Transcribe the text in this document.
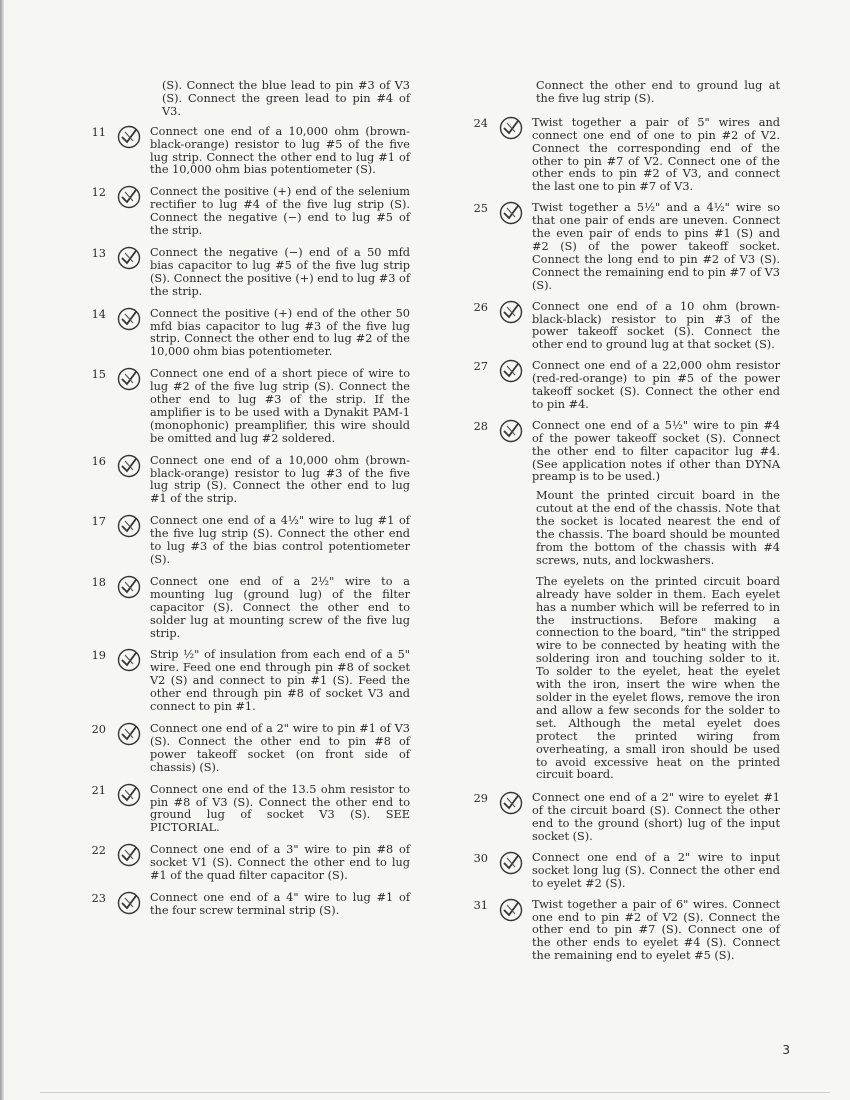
(S). Connect the blue lead to pin #3 of V3 (S). Connect the green lead to pin #4 of V3.
11	Connect one end of a 10,000 ohm (brown-black-orange) resistor to lug #5 of the five lug strip. Connect the other end to lug #1 of the 10,000 ohm bias potentiometer (S).
12	Connect the positive (+) end of the selenium rectifier to lug #4 of the five lug strip (S). Connect the negative (−) end to lug #5 of the strip.
13	Connect the negative (−) end of a 50 mfd bias capacitor to lug #5 of the five lug strip (S). Connect the positive (+) end to lug #3 of the strip.
14	Connect the positive (+) end of the other 50 mfd bias capacitor to lug #3 of the five lug strip. Connect the other end to lug #2 of the 10,000 ohm bias potentiometer.
15	Connect one end of a short piece of wire to lug #2 of the five lug strip (S). Connect the other end to lug #3 of the strip. If the amplifier is to be used with a Dynakit PAM-1 (monophonic) preamplifier, this wire should be omitted and lug #2 soldered.
16	Connect one end of a 10,000 ohm (brown-black-orange) resistor to lug #3 of the five lug strip (S). Connect the other end to lug #1 of the strip.
17	Connect one end of a 4½" wire to lug #1 of the five lug strip (S). Connect the other end to lug #3 of the bias control potentiometer (S).
18	Connect one end of a 2½" wire to a mounting lug (ground lug) of the filter capacitor (S). Connect the other end to solder lug at mounting screw of the five lug strip.
19	Strip ½" of insulation from each end of a 5" wire. Feed one end through pin #8 of socket V2 (S) and connect to pin #1 (S). Feed the other end through pin #8 of socket V3 and connect to pin #1.
20	Connect one end of a 2" wire to pin #1 of V3 (S). Connect the other end to pin #8 of power takeoff socket (on front side of chassis) (S).
21	Connect one end of the 13.5 ohm resistor to pin #8 of V3 (S). Connect the other end to ground lug of socket V3 (S). SEE PICTORIAL.
22	Connect one end of a 3" wire to pin #8 of socket V1 (S). Connect the other end to lug #1 of the quad filter capacitor (S).
23	Connect one end of a 4" wire to lug #1 of the four screw terminal strip (S).
Connect the other end to ground lug at the five lug strip (S).
24	Twist together a pair of 5" wires and connect one end of one to pin #2 of V2. Connect the corresponding end of the other to pin #7 of V2. Connect one of the other ends to pin #2 of V3, and connect the last one to pin #7 of V3.
25	Twist together a 5½" and a 4½" wire so that one pair of ends are uneven. Connect the even pair of ends to pins #1 (S) and #2 (S) of the power takeoff socket. Connect the long end to pin #2 of V3 (S). Connect the remaining end to pin #7 of V3 (S).
26	Connect one end of a 10 ohm (brown-black-black) resistor to pin #3 of the power takeoff socket (S). Connect the other end to ground lug at that socket (S).
27	Connect one end of a 22,000 ohm resistor (red-red-orange) to pin #5 of the power takeoff socket (S). Connect the other end to pin #4.
28	Connect one end of a 5½" wire to pin #4 of the power takeoff socket (S). Connect the other end to filter capacitor lug #4. (See application notes if other than DYNA preamp is to be used.)
Mount the printed circuit board in the cutout at the end of the chassis. Note that the socket is located nearest the end of the chassis. The board should be mounted from the bottom of the chassis with #4 screws, nuts, and lockwashers.
The eyelets on the printed circuit board already have solder in them. Each eyelet has a number which will be referred to in the instructions. Before making a connection to the board, "tin" the stripped wire to be connected by heating with the soldering iron and touching solder to it. To solder to the eyelet, heat the eyelet with the iron, insert the wire when the solder in the eyelet flows, remove the iron and allow a few seconds for the solder to set. Although the metal eyelet does protect the printed wiring from overheating, a small iron should be used to avoid excessive heat on the printed circuit board.
29	Connect one end of a 2" wire to eyelet #1 of the circuit board (S). Connect the other end to the ground (short) lug of the input socket (S).
30	Connect one end of a 2" wire to input socket long lug (S). Connect the other end to eyelet #2 (S).
31	Twist together a pair of 6" wires. Connect one end to pin #2 of V2 (S). Connect the other end to pin #7 (S). Connect one of the other ends to eyelet #4 (S). Connect the remaining end to eyelet #5 (S).
3
